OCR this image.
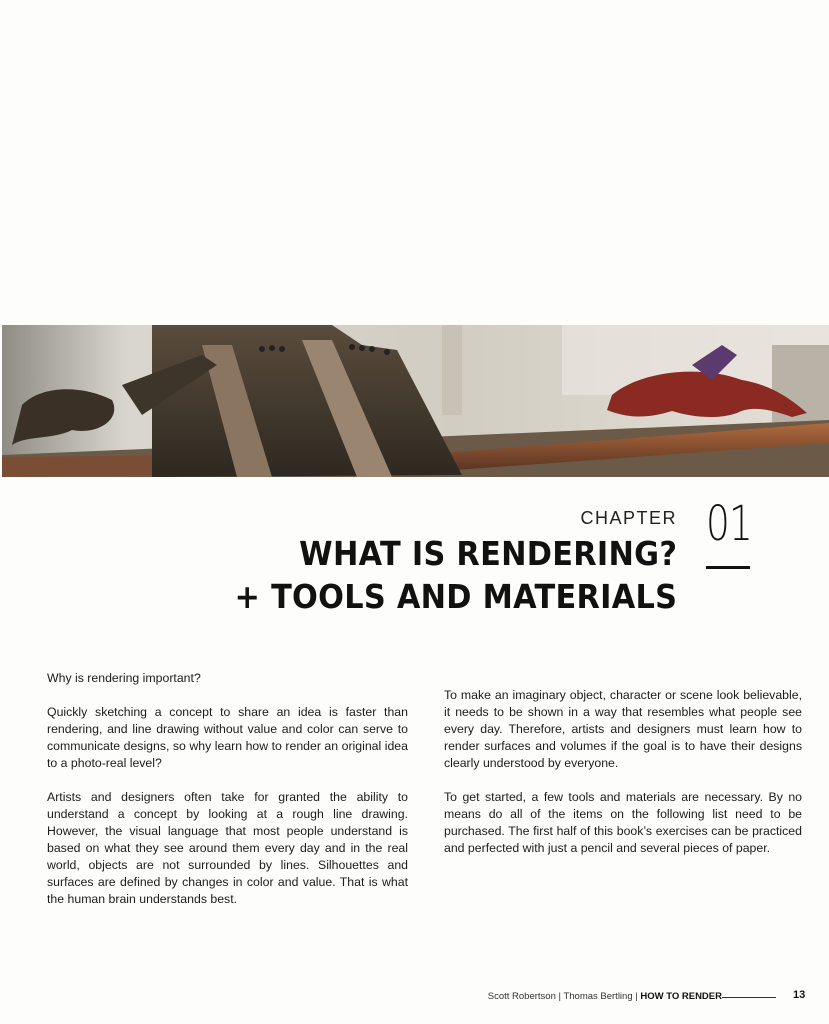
CHAPTER 01
WHAT IS RENDERING?
+ TOOLS AND MATERIALS

Why is rendering important?

Quickly sketching a concept to share an idea is faster than rendering, and line drawing without value and color can serve to communicate designs, so why learn how to render an original idea to a photo-real level?

Artists and designers often take for granted the ability to understand a concept by looking at a rough line drawing. However, the visual language that most people understand is based on what they see around them every day and in the real world, objects are not surrounded by lines. Silhouettes and surfaces are defined by changes in color and value. That is what the human brain understands best.

To make an imaginary object, character or scene look believable, it needs to be shown in a way that resembles what people see every day. Therefore, artists and designers must learn how to render surfaces and volumes if the goal is to have their designs clearly understood by everyone.

To get started, a few tools and materials are necessary. By no means do all of the items on the following list need to be purchased. The first half of this book’s exercises can be practiced and perfected with just a pencil and several pieces of paper.

Scott Robertson | Thomas Bertling | HOW TO RENDER	13
